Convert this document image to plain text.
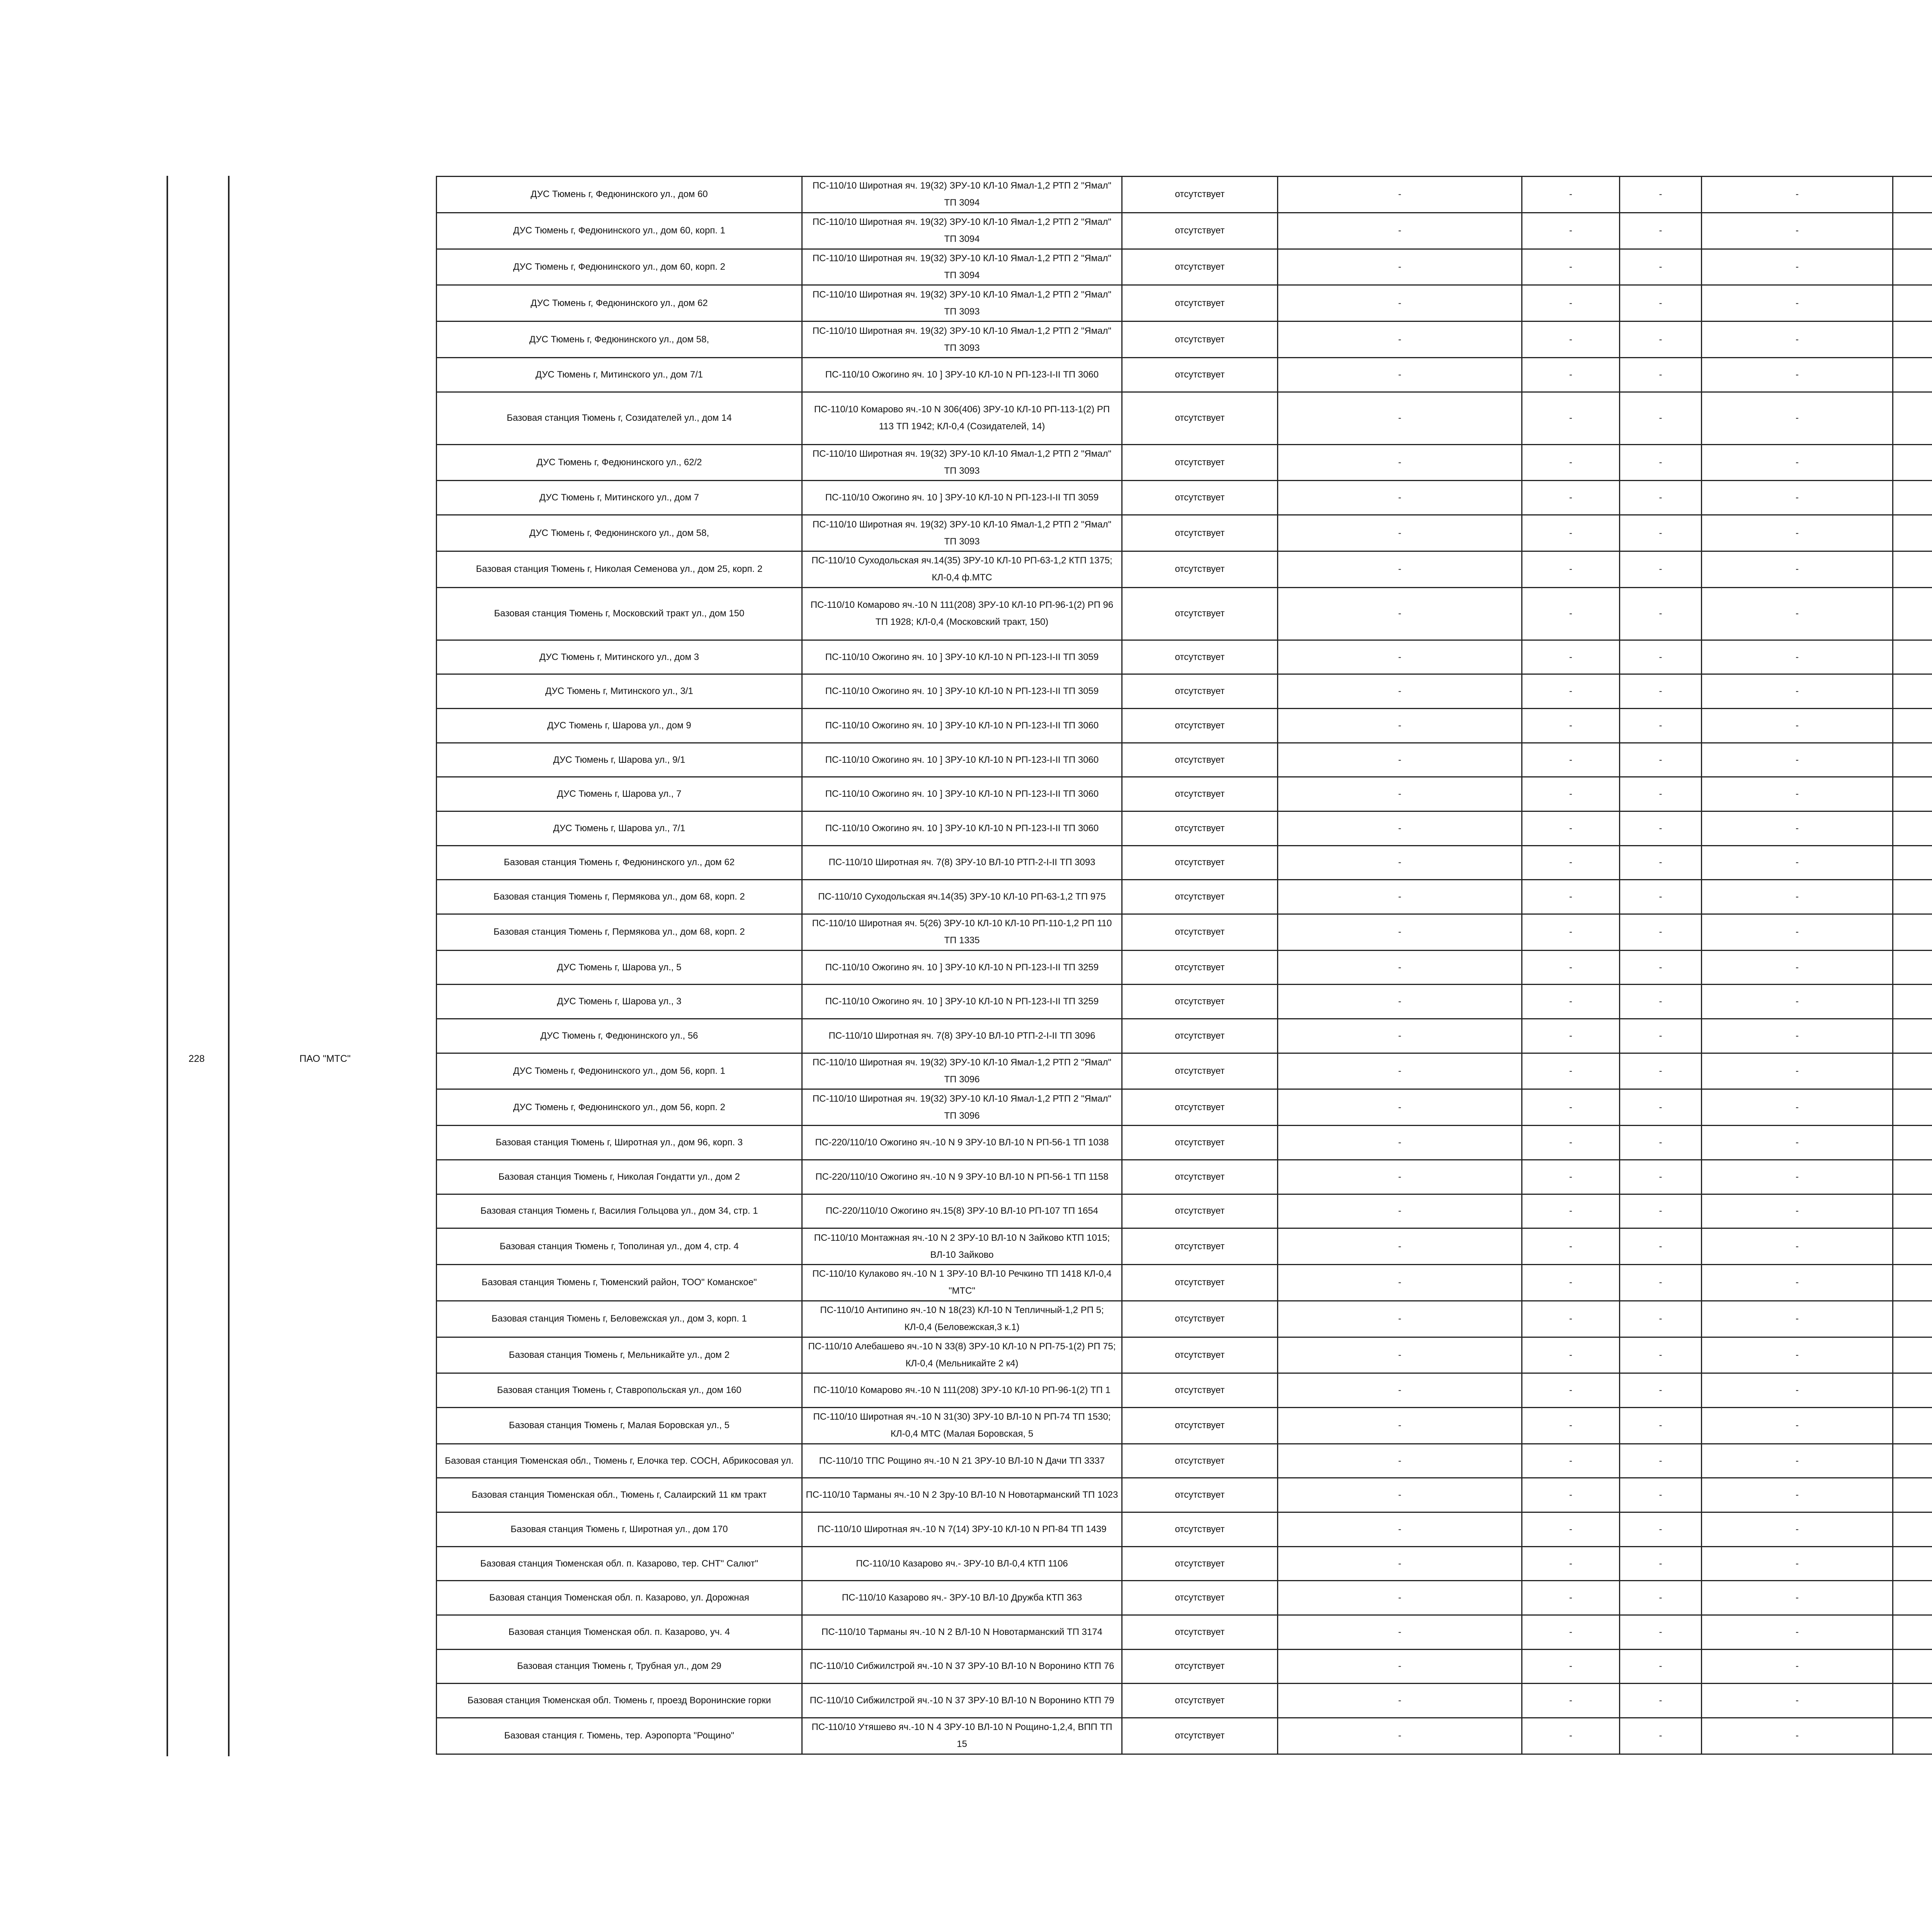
228	ПАО "МТС"
ДУС Тюмень г, Федюнинского ул., дом 60	ПС-110/10 Широтная яч. 19(32) ЗРУ-10 КЛ-10 Ямал-1,2 РТП 2 "Ямал" ТП 3094	отсутствует	-	-	-	-		
ДУС Тюмень г, Федюнинского ул., дом 60, корп. 1	ПС-110/10 Широтная яч. 19(32) ЗРУ-10 КЛ-10 Ямал-1,2 РТП 2 "Ямал" ТП 3094	отсутствует	-	-	-	-		
ДУС Тюмень г, Федюнинского ул., дом 60, корп. 2	ПС-110/10 Широтная яч. 19(32) ЗРУ-10 КЛ-10 Ямал-1,2 РТП 2 "Ямал" ТП 3094	отсутствует	-	-	-	-		
ДУС Тюмень г, Федюнинского ул., дом 62	ПС-110/10 Широтная яч. 19(32) ЗРУ-10 КЛ-10 Ямал-1,2 РТП 2 "Ямал" ТП 3093	отсутствует	-	-	-	-		
ДУС Тюмень г, Федюнинского ул., дом 58,	ПС-110/10 Широтная яч. 19(32) ЗРУ-10 КЛ-10 Ямал-1,2 РТП 2 "Ямал" ТП 3093	отсутствует	-	-	-	-		
ДУС Тюмень г, Митинского ул., дом 7/1	ПС-110/10 Ожогино яч. 10 ] ЗРУ-10 КЛ-10 N РП-123-I-II ТП 3060	отсутствует	-	-	-	-		
Базовая станция Тюмень г, Созидателей ул., дом 14	ПС-110/10 Комарово яч.-10 N 306(406) ЗРУ-10 КЛ-10 РП-113-1(2) РП 113 ТП 1942; КЛ-0,4 (Созидателей, 14)	отсутствует	-	-	-	-		
ДУС Тюмень г, Федюнинского ул., 62/2	ПС-110/10 Широтная яч. 19(32) ЗРУ-10 КЛ-10 Ямал-1,2 РТП 2 "Ямал" ТП 3093	отсутствует	-	-	-	-		
ДУС Тюмень г, Митинского ул., дом 7	ПС-110/10 Ожогино яч. 10 ] ЗРУ-10 КЛ-10 N РП-123-I-II ТП 3059	отсутствует	-	-	-	-		
ДУС Тюмень г, Федюнинского ул., дом 58,	ПС-110/10 Широтная яч. 19(32) ЗРУ-10 КЛ-10 Ямал-1,2 РТП 2 "Ямал" ТП 3093	отсутствует	-	-	-	-		
Базовая станция Тюмень г, Николая Семенова ул., дом 25, корп. 2	ПС-110/10 Суходольская яч.14(35) ЗРУ-10 КЛ-10 РП-63-1,2 КТП 1375; КЛ-0,4 ф.МТС	отсутствует	-	-	-	-		
Базовая станция Тюмень г, Московский тракт ул., дом 150	ПС-110/10 Комарово яч.-10 N 111(208) ЗРУ-10 КЛ-10 РП-96-1(2) РП 96 ТП 1928; КЛ-0,4 (Московский тракт, 150)	отсутствует	-	-	-	-		
ДУС Тюмень г, Митинского ул., дом 3	ПС-110/10 Ожогино яч. 10 ] ЗРУ-10 КЛ-10 N РП-123-I-II ТП 3059	отсутствует	-	-	-	-		
ДУС Тюмень г, Митинского ул., 3/1	ПС-110/10 Ожогино яч. 10 ] ЗРУ-10 КЛ-10 N РП-123-I-II ТП 3059	отсутствует	-	-	-	-		
ДУС Тюмень г, Шарова ул., дом 9	ПС-110/10 Ожогино яч. 10 ] ЗРУ-10 КЛ-10 N РП-123-I-II ТП 3060	отсутствует	-	-	-	-		
ДУС Тюмень г, Шарова ул., 9/1	ПС-110/10 Ожогино яч. 10 ] ЗРУ-10 КЛ-10 N РП-123-I-II ТП 3060	отсутствует	-	-	-	-		
ДУС Тюмень г, Шарова ул., 7	ПС-110/10 Ожогино яч. 10 ] ЗРУ-10 КЛ-10 N РП-123-I-II ТП 3060	отсутствует	-	-	-	-		
ДУС Тюмень г, Шарова ул., 7/1	ПС-110/10 Ожогино яч. 10 ] ЗРУ-10 КЛ-10 N РП-123-I-II ТП 3060	отсутствует	-	-	-	-		
Базовая станция Тюмень г, Федюнинского ул., дом 62	ПС-110/10 Широтная яч. 7(8) ЗРУ-10 ВЛ-10 РТП-2-I-II ТП 3093	отсутствует	-	-	-	-		
Базовая станция Тюмень г, Пермякова ул., дом 68, корп. 2	ПС-110/10 Суходольская яч.14(35) ЗРУ-10 КЛ-10 РП-63-1,2 ТП 975	отсутствует	-	-	-	-		
Базовая станция Тюмень г, Пермякова ул., дом 68, корп. 2	ПС-110/10 Широтная яч. 5(26) ЗРУ-10 КЛ-10 КЛ-10 РП-110-1,2 РП 110 ТП 1335	отсутствует	-	-	-	-		
ДУС Тюмень г, Шарова ул., 5	ПС-110/10 Ожогино яч. 10 ] ЗРУ-10 КЛ-10 N РП-123-I-II ТП 3259	отсутствует	-	-	-	-		
ДУС Тюмень г, Шарова ул., 3	ПС-110/10 Ожогино яч. 10 ] ЗРУ-10 КЛ-10 N РП-123-I-II ТП 3259	отсутствует	-	-	-	-		
ДУС Тюмень г, Федюнинского ул., 56	ПС-110/10 Широтная яч. 7(8) ЗРУ-10 ВЛ-10 РТП-2-I-II ТП 3096	отсутствует	-	-	-	-		
ДУС Тюмень г, Федюнинского ул., дом 56, корп. 1	ПС-110/10 Широтная яч. 19(32) ЗРУ-10 КЛ-10 Ямал-1,2 РТП 2 "Ямал" ТП 3096	отсутствует	-	-	-	-		
ДУС Тюмень г, Федюнинского ул., дом 56, корп. 2	ПС-110/10 Широтная яч. 19(32) ЗРУ-10 КЛ-10 Ямал-1,2 РТП 2 "Ямал" ТП 3096	отсутствует	-	-	-	-		
Базовая станция Тюмень г, Широтная ул., дом 96, корп. 3	ПС-220/110/10 Ожогино яч.-10 N 9 ЗРУ-10 ВЛ-10 N РП-56-1 ТП 1038	отсутствует	-	-	-	-		
Базовая станция Тюмень г, Николая Гондатти ул., дом 2	ПС-220/110/10 Ожогино яч.-10 N 9 ЗРУ-10 ВЛ-10 N РП-56-1 ТП 1158	отсутствует	-	-	-	-		
Базовая станция Тюмень г, Василия Гольцова ул., дом 34, стр. 1	ПС-220/110/10 Ожогино яч.15(8) ЗРУ-10 ВЛ-10 РП-107 ТП 1654	отсутствует	-	-	-	-		
Базовая станция Тюмень г, Тополиная ул., дом 4, стр. 4	ПС-110/10 Монтажная яч.-10 N 2 ЗРУ-10 ВЛ-10 N Зайково КТП 1015; ВЛ-10 Зайково	отсутствует	-	-	-	-		
Базовая станция Тюмень г, Тюменский район, ТОО" Команское"	ПС-110/10 Кулаково яч.-10 N 1 ЗРУ-10 ВЛ-10 Речкино ТП 1418 КЛ-0,4 "МТС"	отсутствует	-	-	-	-		
Базовая станция Тюмень г, Беловежская ул., дом 3, корп. 1	ПС-110/10 Антипино яч.-10 N 18(23) КЛ-10 N Тепличный-1,2 РП 5; КЛ-0,4 (Беловежская,3 к.1)	отсутствует	-	-	-	-		
Базовая станция Тюмень г, Мельникайте ул., дом 2	ПС-110/10 Алебашево яч.-10 N 33(8) ЗРУ-10 КЛ-10 N РП-75-1(2) РП 75; КЛ-0,4 (Мельникайте 2 к4)	отсутствует	-	-	-	-		
Базовая станция Тюмень г, Ставропольская ул., дом 160	ПС-110/10 Комарово яч.-10 N 111(208) ЗРУ-10 КЛ-10 РП-96-1(2) ТП 1	отсутствует	-	-	-	-		
Базовая станция Тюмень г, Малая Боровская ул., 5	ПС-110/10 Широтная яч.-10 N 31(30) ЗРУ-10 ВЛ-10 N РП-74 ТП 1530; КЛ-0,4 МТС (Малая Боровская, 5	отсутствует	-	-	-	-		
Базовая станция Тюменская обл., Тюмень г, Елочка тер. СОСН, Абрикосовая ул.	ПС-110/10 ТПС Рощино яч.-10 N 21 ЗРУ-10 ВЛ-10 N Дачи ТП 3337	отсутствует	-	-	-	-		
Базовая станция Тюменская обл., Тюмень г, Салаирский 11 км тракт	ПС-110/10 Тарманы яч.-10 N 2 Зру-10 ВЛ-10 N Новотарманский ТП 1023	отсутствует	-	-	-	-		
Базовая станция Тюмень г, Широтная ул., дом 170	ПС-110/10 Широтная яч.-10 N 7(14) ЗРУ-10 КЛ-10 N РП-84 ТП 1439	отсутствует	-	-	-	-		
Базовая станция Тюменская обл. п. Казарово, тер. СНТ" Салют"	ПС-110/10 Казарово яч.- ЗРУ-10 ВЛ-0,4 КТП 1106	отсутствует	-	-	-	-		
Базовая станция Тюменская обл. п. Казарово, ул. Дорожная	ПС-110/10 Казарово яч.- ЗРУ-10 ВЛ-10 Дружба КТП 363	отсутствует	-	-	-	-		
Базовая станция Тюменская обл. п. Казарово, уч. 4	ПС-110/10 Тарманы яч.-10 N 2 ВЛ-10 N Новотарманский ТП 3174	отсутствует	-	-	-	-		
Базовая станция Тюмень г, Трубная ул., дом 29	ПС-110/10 Сибжилстрой яч.-10 N 37 ЗРУ-10 ВЛ-10 N Воронино КТП 76	отсутствует	-	-	-	-		
Базовая станция Тюменская обл. Тюмень г, проезд Воронинские горки	ПС-110/10 Сибжилстрой яч.-10 N 37 ЗРУ-10 ВЛ-10 N Воронино КТП 79	отсутствует	-	-	-	-		
Базовая станция г. Тюмень, тер. Аэропорта "Рощино"	ПС-110/10 Утяшево яч.-10 N 4 ЗРУ-10 ВЛ-10 N Рощино-1,2,4, ВПП ТП 15	отсутствует	-	-	-	-		
